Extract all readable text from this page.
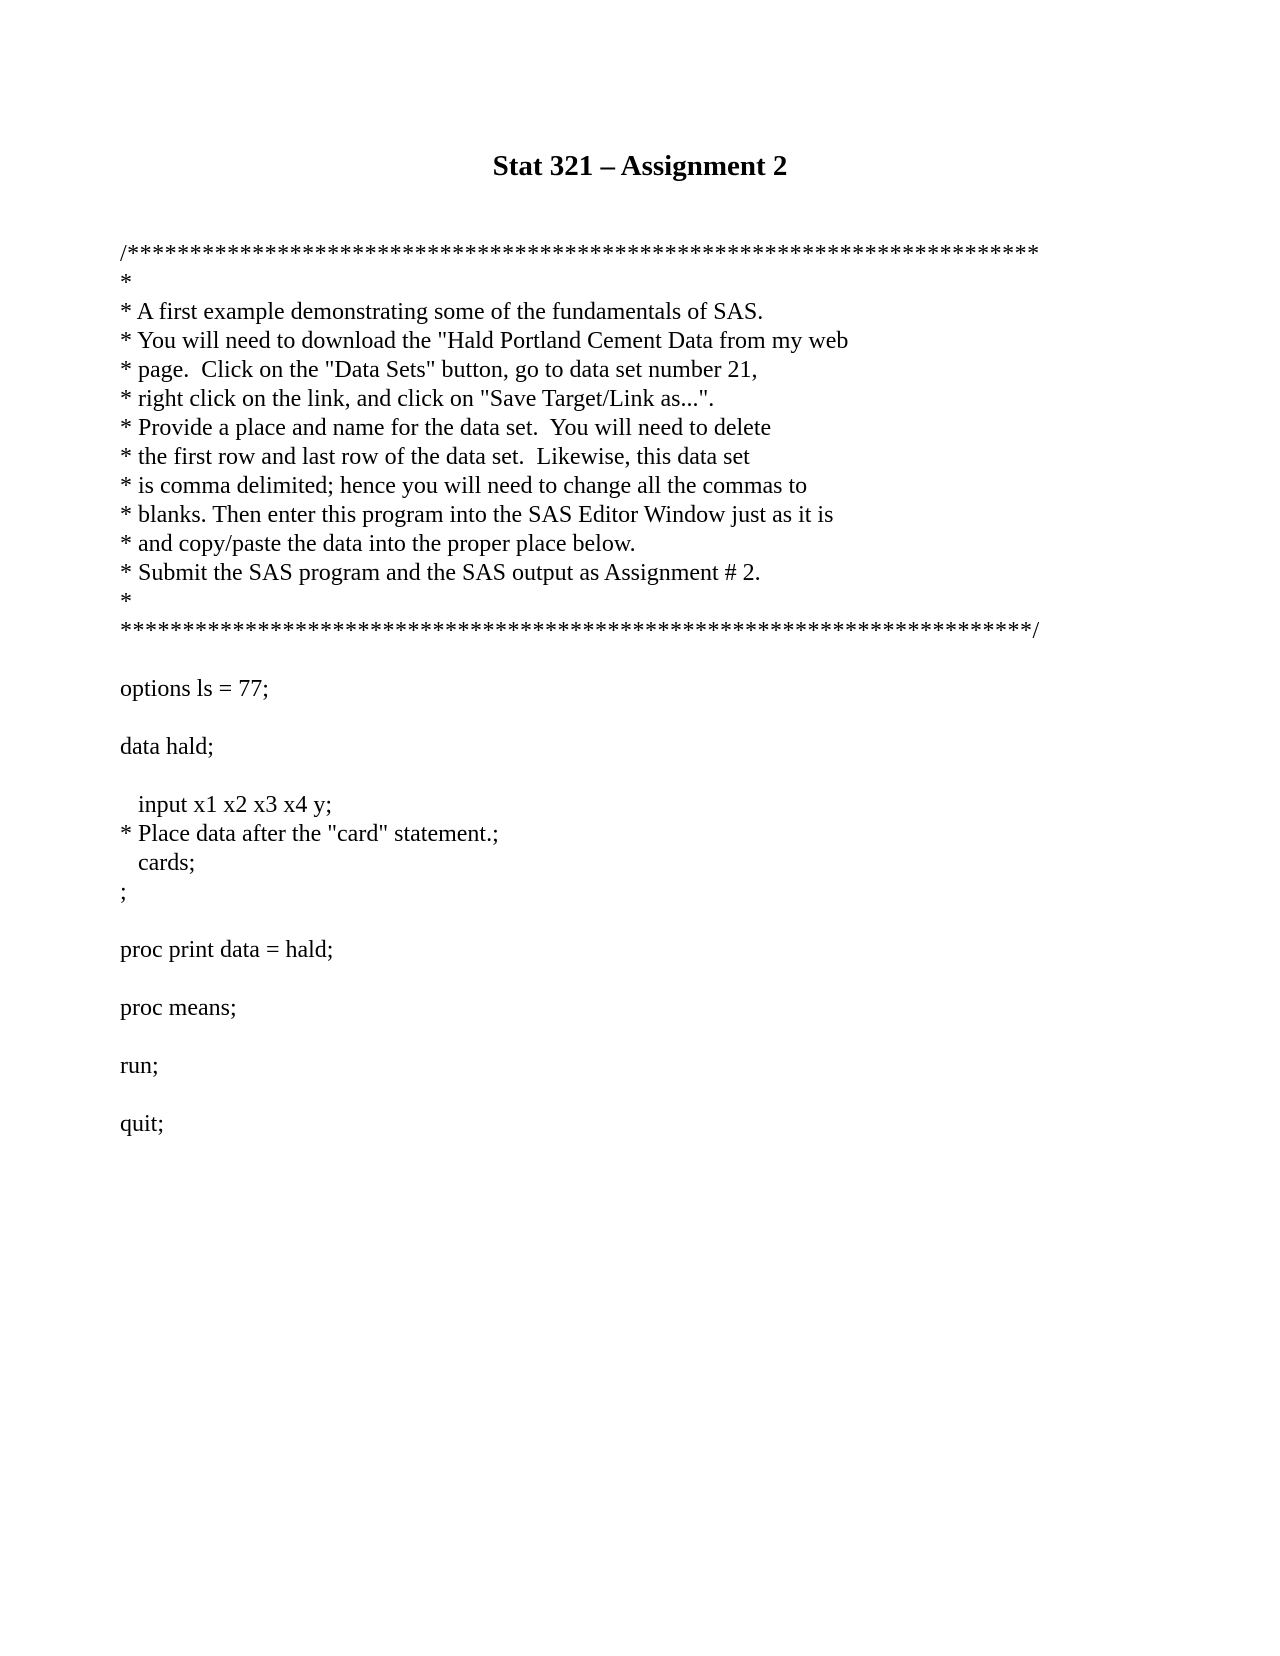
Stat 321 – Assignment 2
/*************************************************************************
*
* A first example demonstrating some of the fundamentals of SAS.
* You will need to download the "Hald Portland Cement Data from my web
* page.  Click on the "Data Sets" button, go to data set number 21,
* right click on the link, and click on "Save Target/Link as...".
* Provide a place and name for the data set.  You will need to delete
* the first row and last row of the data set.  Likewise, this data set
* is comma delimited; hence you will need to change all the commas to
* blanks. Then enter this program into the SAS Editor Window just as it is
* and copy/paste the data into the proper place below.
* Submit the SAS program and the SAS output as Assignment # 2.
*
*************************************************************************/
options ls = 77;
data hald;
input x1 x2 x3 x4 y;
* Place data after the "card" statement.;
cards;
;
proc print data = hald;
proc means;
run;
quit;
